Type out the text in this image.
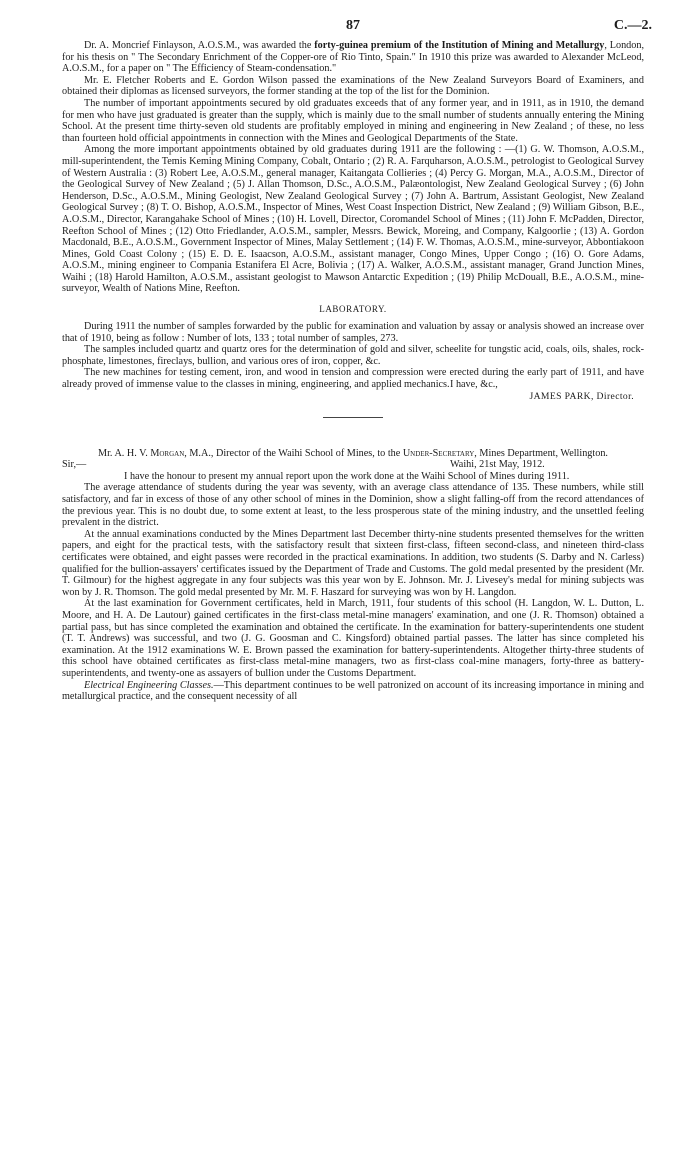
87	C.—2.

Dr. A. Moncrief Finlayson, A.O.S.M., was awarded the forty-guinea premium of the Institution of Mining and Metallurgy, London, for his thesis on " The Secondary Enrichment of the Copper-ore of Rio Tinto, Spain." In 1910 this prize was awarded to Alexander McLeod, A.O.S.M., for a paper on " The Efficiency of Steam-condensation."

Mr. E. Fletcher Roberts and E. Gordon Wilson passed the examinations of the New Zealand Surveyors Board of Examiners, and obtained their diplomas as licensed surveyors, the former standing at the top of the list for the Dominion.

The number of important appointments secured by old graduates exceeds that of any former year, and in 1911, as in 1910, the demand for men who have just graduated is greater than the supply, which is mainly due to the small number of students annually entering the Mining School. At the present time thirty-seven old students are profitably employed in mining and engineering in New Zealand ; of these, no less than fourteen hold official appointments in connection with the Mines and Geological Departments of the State.

Among the more important appointments obtained by old graduates during 1911 are the following : —(1) G. W. Thomson, A.O.S.M., mill-superintendent, the Temis Keming Mining Company, Cobalt, Ontario ; (2) R. A. Farquharson, A.O.S.M., petrologist to Geological Survey of Western Australia : (3) Robert Lee, A.O.S.M., general manager, Kaitangata Collieries ; (4) Percy G. Morgan, M.A., A.O.S.M., Director of the Geological Survey of New Zealand ; (5) J. Allan Thomson, D.Sc., A.O.S.M., Palæontologist, New Zealand Geological Survey ; (6) John Henderson, D.Sc., A.O.S.M., Mining Geologist, New Zealand Geological Survey ; (7) John A. Bartrum, Assistant Geologist, New Zealand Geological Survey ; (8) T. O. Bishop, A.O.S.M., Inspector of Mines, West Coast Inspection District, New Zealand ; (9) William Gibson, B.E., A.O.S.M., Director, Karangahake School of Mines ; (10) H. Lovell, Director, Coromandel School of Mines ; (11) John F. McPadden, Director, Reefton School of Mines ; (12) Otto Friedlander, A.O.S.M., sampler, Messrs. Bewick, Moreing, and Company, Kalgoorlie ; (13) A. Gordon Macdonald, B.E., A.O.S.M., Government Inspector of Mines, Malay Settlement ; (14) F. W. Thomas, A.O.S.M., mine-surveyor, Abbontiakoon Mines, Gold Coast Colony ; (15) E. D. E. Isaacson, A.O.S.M., assistant manager, Congo Mines, Upper Congo ; (16) O. Gore Adams, A.O.S.M., mining engineer to Compania Estanifera El Acre, Bolivia ; (17) A. Walker, A.O.S.M., assistant manager, Grand Junction Mines, Waihi ; (18) Harold Hamilton, A.O.S.M., assistant geologist to Mawson Antarctic Expedition ; (19) Philip McDouall, B.E., A.O.S.M., mine-surveyor, Wealth of Nations Mine, Reefton.

LABORATORY.

During 1911 the number of samples forwarded by the public for examination and valuation by assay or analysis showed an increase over that of 1910, being as follow : Number of lots, 133 ; total number of samples, 273.

The samples included quartz and quartz ores for the determination of gold and silver, scheelite for tungstic acid, coals, oils, shales, rock-phosphate, limestones, fireclays, bullion, and various ores of iron, copper, &c.

The new machines for testing cement, iron, and wood in tension and compression were erected during the early part of 1911, and have already proved of immense value to the classes in mining, engineering, and applied mechanics. I have, &c.,
JAMES PARK, Director.
Mr. A. H. V. Morgan, M.A., Director of the Waihi School of Mines, to the Under-Secretary, Mines Department, Wellington.
Sir,—	Waihi, 21st May, 1912.

I have the honour to present my annual report upon the work done at the Waihi School of Mines during 1911.

The average attendance of students during the year was seventy, with an average class attendance of 135. These numbers, while still satisfactory, and far in excess of those of any other school of mines in the Dominion, show a slight falling-off from the record attendances of the previous year. This is no doubt due, to some extent at least, to the less prosperous state of the mining industry, and the unsettled feeling prevalent in the district.

At the annual examinations conducted by the Mines Department last December thirty-nine students presented themselves for the written papers, and eight for the practical tests, with the satisfactory result that sixteen first-class, fifteen second-class, and nineteen third-class certificates were obtained, and eight passes were recorded in the practical examinations. In addition, two students (S. Darby and N. Carless) qualified for the bullion-assayers' certificates issued by the Department of Trade and Customs. The gold medal presented by the president (Mr. T. Gilmour) for the highest aggregate in any four subjects was this year won by E. Johnson. Mr. J. Livesey's medal for mining subjects was won by J. R. Thomson. The gold medal presented by Mr. M. F. Haszard for surveying was won by H. Langdon.

At the last examination for Government certificates, held in March, 1911, four students of this school (H. Langdon, W. L. Dutton, L. Moore, and H. A. De Lautour) gained certificates in the first-class metal-mine managers' examination, and one (J. R. Thomson) obtained a partial pass, but has since completed the examination and obtained the certificate. In the examination for battery-superintendents one student (T. T. Andrews) was successful, and two (J. G. Goosman and C. Kingsford) obtained partial passes. The latter has since completed his examination. At the 1912 examinations W. E. Brown passed the examination for battery-superintendents. Altogether thirty-three students of this school have obtained certificates as first-class metal-mine managers, two as first-class coal-mine managers, forty-three as battery-superintendents, and twenty-one as assayers of bullion under the Customs Department.

Electrical Engineering Classes.—This department continues to be well patronized on account of its increasing importance in mining and metallurgical practice, and the consequent necessity of all
